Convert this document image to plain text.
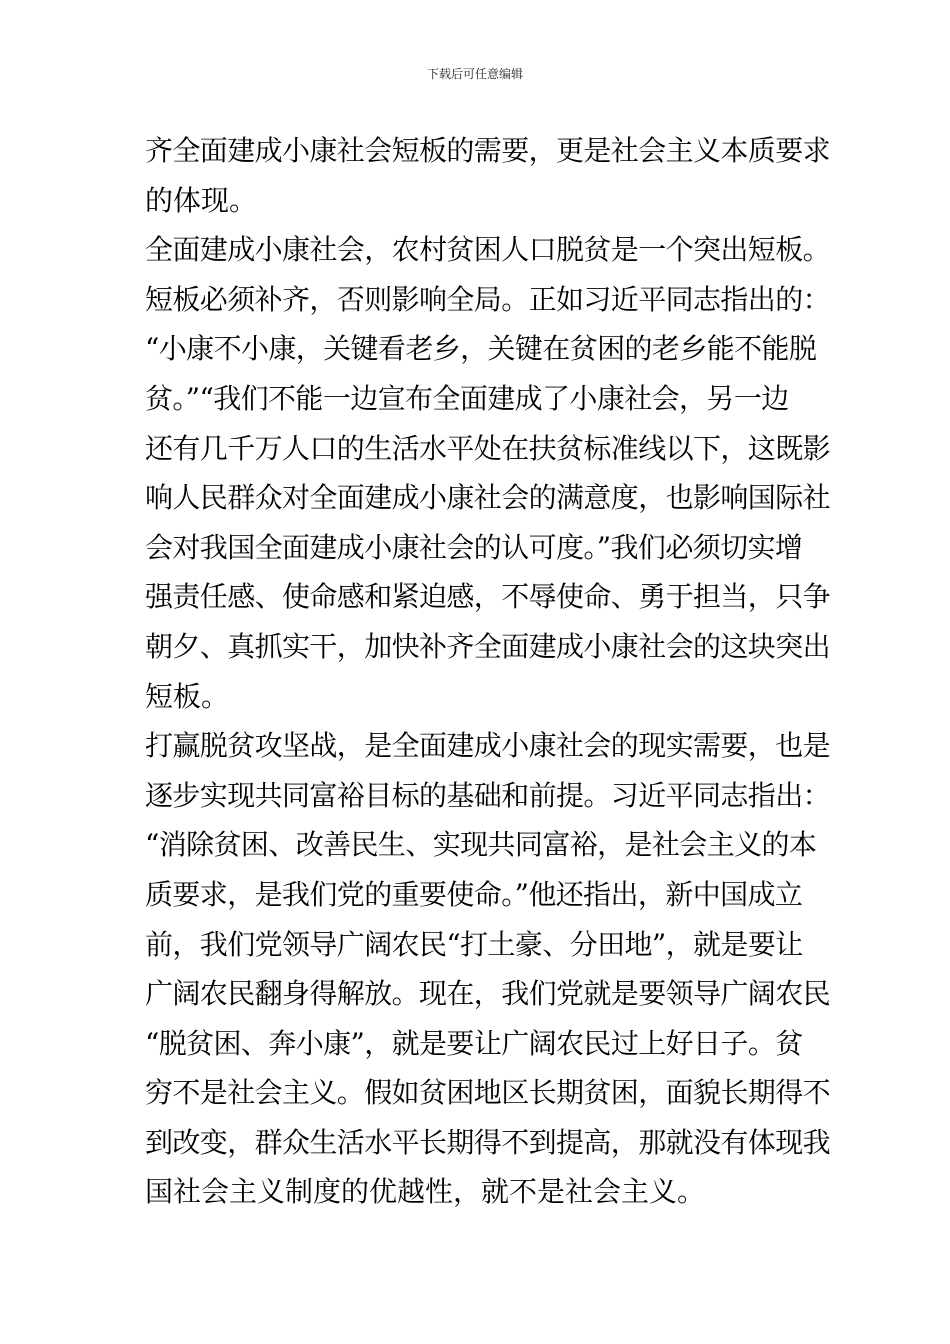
下载后可任意编辑
齐全面建成小康社会短板的需要，更是社会主义本质要求
的体现。
全面建成小康社会，农村贫困人口脱贫是一个突出短板。
短板必须补齐，否则影响全局。正如习近平同志指出的：
“小康不小康，关键看老乡，关键在贫困的老乡能不能脱
贫。”“我们不能一边宣布全面建成了小康社会，另一边
还有几千万人口的生活水平处在扶贫标准线以下，这既影
响人民群众对全面建成小康社会的满意度，也影响国际社
会对我国全面建成小康社会的认可度。”我们必须切实增
强责任感、使命感和紧迫感，不辱使命、勇于担当，只争
朝夕、真抓实干，加快补齐全面建成小康社会的这块突出
短板。
打赢脱贫攻坚战，是全面建成小康社会的现实需要，也是
逐步实现共同富裕目标的基础和前提。习近平同志指出：
“消除贫困、改善民生、实现共同富裕，是社会主义的本
质要求，是我们党的重要使命。”他还指出，新中国成立
前，我们党领导广阔农民“打土豪、分田地”，就是要让
广阔农民翻身得解放。现在，我们党就是要领导广阔农民
“脱贫困、奔小康”，就是要让广阔农民过上好日子。贫
穷不是社会主义。假如贫困地区长期贫困，面貌长期得不
到改变，群众生活水平长期得不到提高，那就没有体现我
国社会主义制度的优越性，就不是社会主义。
